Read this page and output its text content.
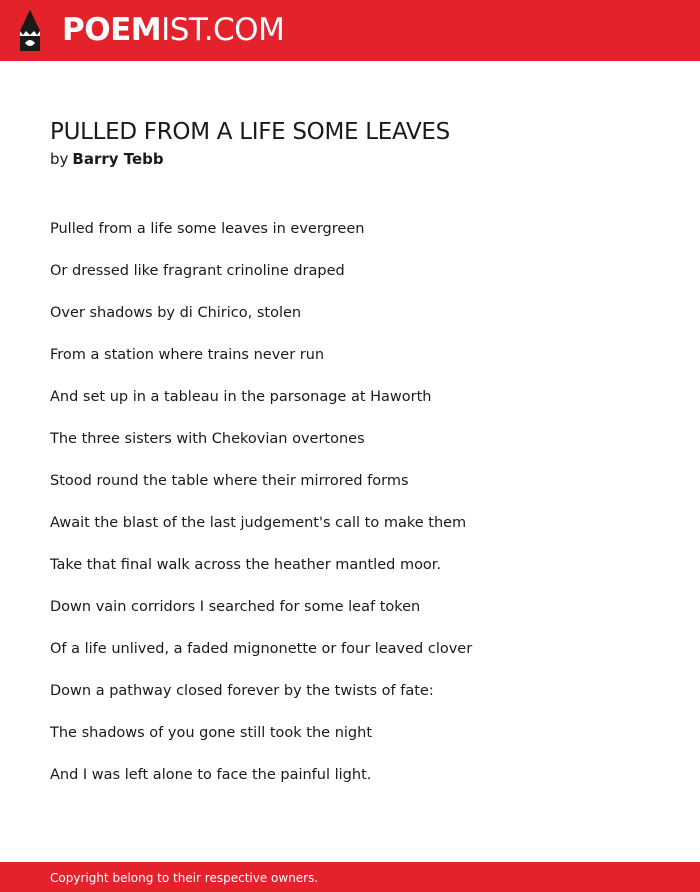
POEMIST.COM
PULLED FROM A LIFE SOME LEAVES
by Barry Tebb
Pulled from a life some leaves in evergreen
Or dressed like fragrant crinoline draped
Over shadows by di Chirico, stolen
From a station where trains never run
And set up in a tableau in the parsonage at Haworth
The three sisters with Chekovian overtones
Stood round the table where their mirrored forms
Await the blast of the last judgement's call to make them
Take that final walk across the heather mantled moor.
Down vain corridors I searched for some leaf token
Of a life unlived, a faded mignonette or four leaved clover
Down a pathway closed forever by the twists of fate:
The shadows of you gone still took the night
And I was left alone to face the painful light.
Copyright belong to their respective owners.
